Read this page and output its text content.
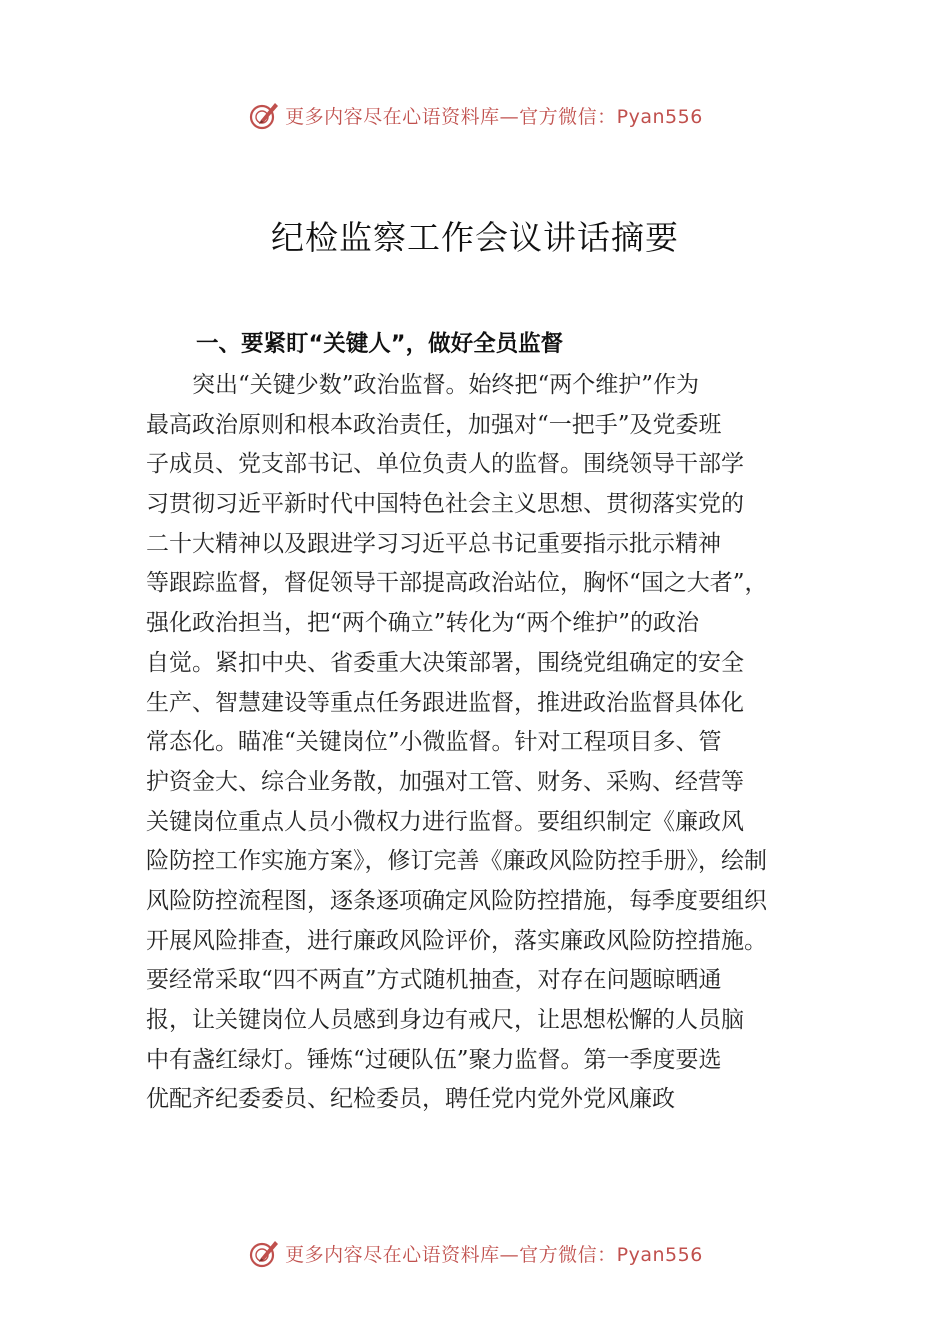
更多内容尽在心语资料库—官方微信：Pyan556
纪检监察工作会议讲话摘要
一、要紧盯“关键人”，做好全员监督
突出“关键少数”政治监督。始终把“两个维护”作为
最高政治原则和根本政治责任，加强对“一把手”及党委班
子成员、党支部书记、单位负责人的监督。围绕领导干部学
习贯彻习近平新时代中国特色社会主义思想、贯彻落实党的
二十大精神以及跟进学习习近平总书记重要指示批示精神
等跟踪监督，督促领导干部提高政治站位，胸怀“国之大者”，
强化政治担当，把“两个确立”转化为“两个维护”的政治
自觉。紧扣中央、省委重大决策部署，围绕党组确定的安全
生产、智慧建设等重点任务跟进监督，推进政治监督具体化
常态化。瞄准“关键岗位”小微监督。针对工程项目多、管
护资金大、综合业务散，加强对工管、财务、采购、经营等
关键岗位重点人员小微权力进行监督。要组织制定《廉政风
险防控工作实施方案》，修订完善《廉政风险防控手册》，绘制
风险防控流程图，逐条逐项确定风险防控措施，每季度要组织
开展风险排查，进行廉政风险评价，落实廉政风险防控措施。
要经常采取“四不两直”方式随机抽查，对存在问题晾晒通
报，让关键岗位人员感到身边有戒尺，让思想松懈的人员脑
中有盏红绿灯。锤炼“过硬队伍”聚力监督。第一季度要选
优配齐纪委委员、纪检委员，聘任党内党外党风廉政
更多内容尽在心语资料库—官方微信：Pyan556
